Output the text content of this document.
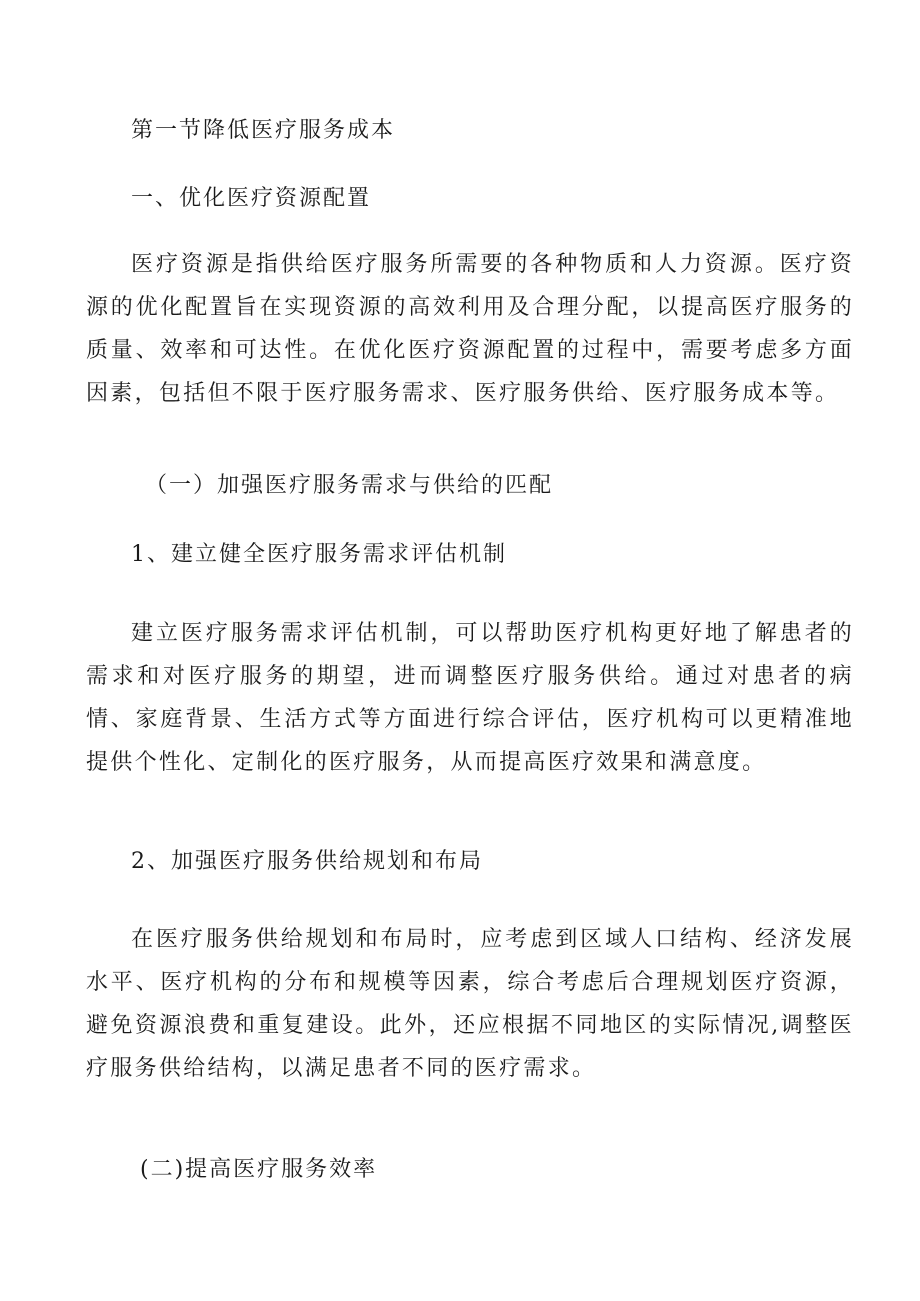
第一节降低医疗服务成本
一、优化医疗资源配置
医疗资源是指供给医疗服务所需要的各种物质和人力资源。医疗资源的优化配置旨在实现资源的高效利用及合理分配，以提高医疗服务的质量、效率和可达性。在优化医疗资源配置的过程中，需要考虑多方面因素，包括但不限于医疗服务需求、医疗服务供给、医疗服务成本等。
（一）加强医疗服务需求与供给的匹配
1、建立健全医疗服务需求评估机制
建立医疗服务需求评估机制，可以帮助医疗机构更好地了解患者的需求和对医疗服务的期望，进而调整医疗服务供给。通过对患者的病情、家庭背景、生活方式等方面进行综合评估，医疗机构可以更精准地提供个性化、定制化的医疗服务，从而提高医疗效果和满意度。
2、加强医疗服务供给规划和布局
在医疗服务供给规划和布局时，应考虑到区域人口结构、经济发展水平、医疗机构的分布和规模等因素，综合考虑后合理规划医疗资源，避免资源浪费和重复建设。此外，还应根据不同地区的实际情况,调整医疗服务供给结构，以满足患者不同的医疗需求。
(二)提高医疗服务效率
